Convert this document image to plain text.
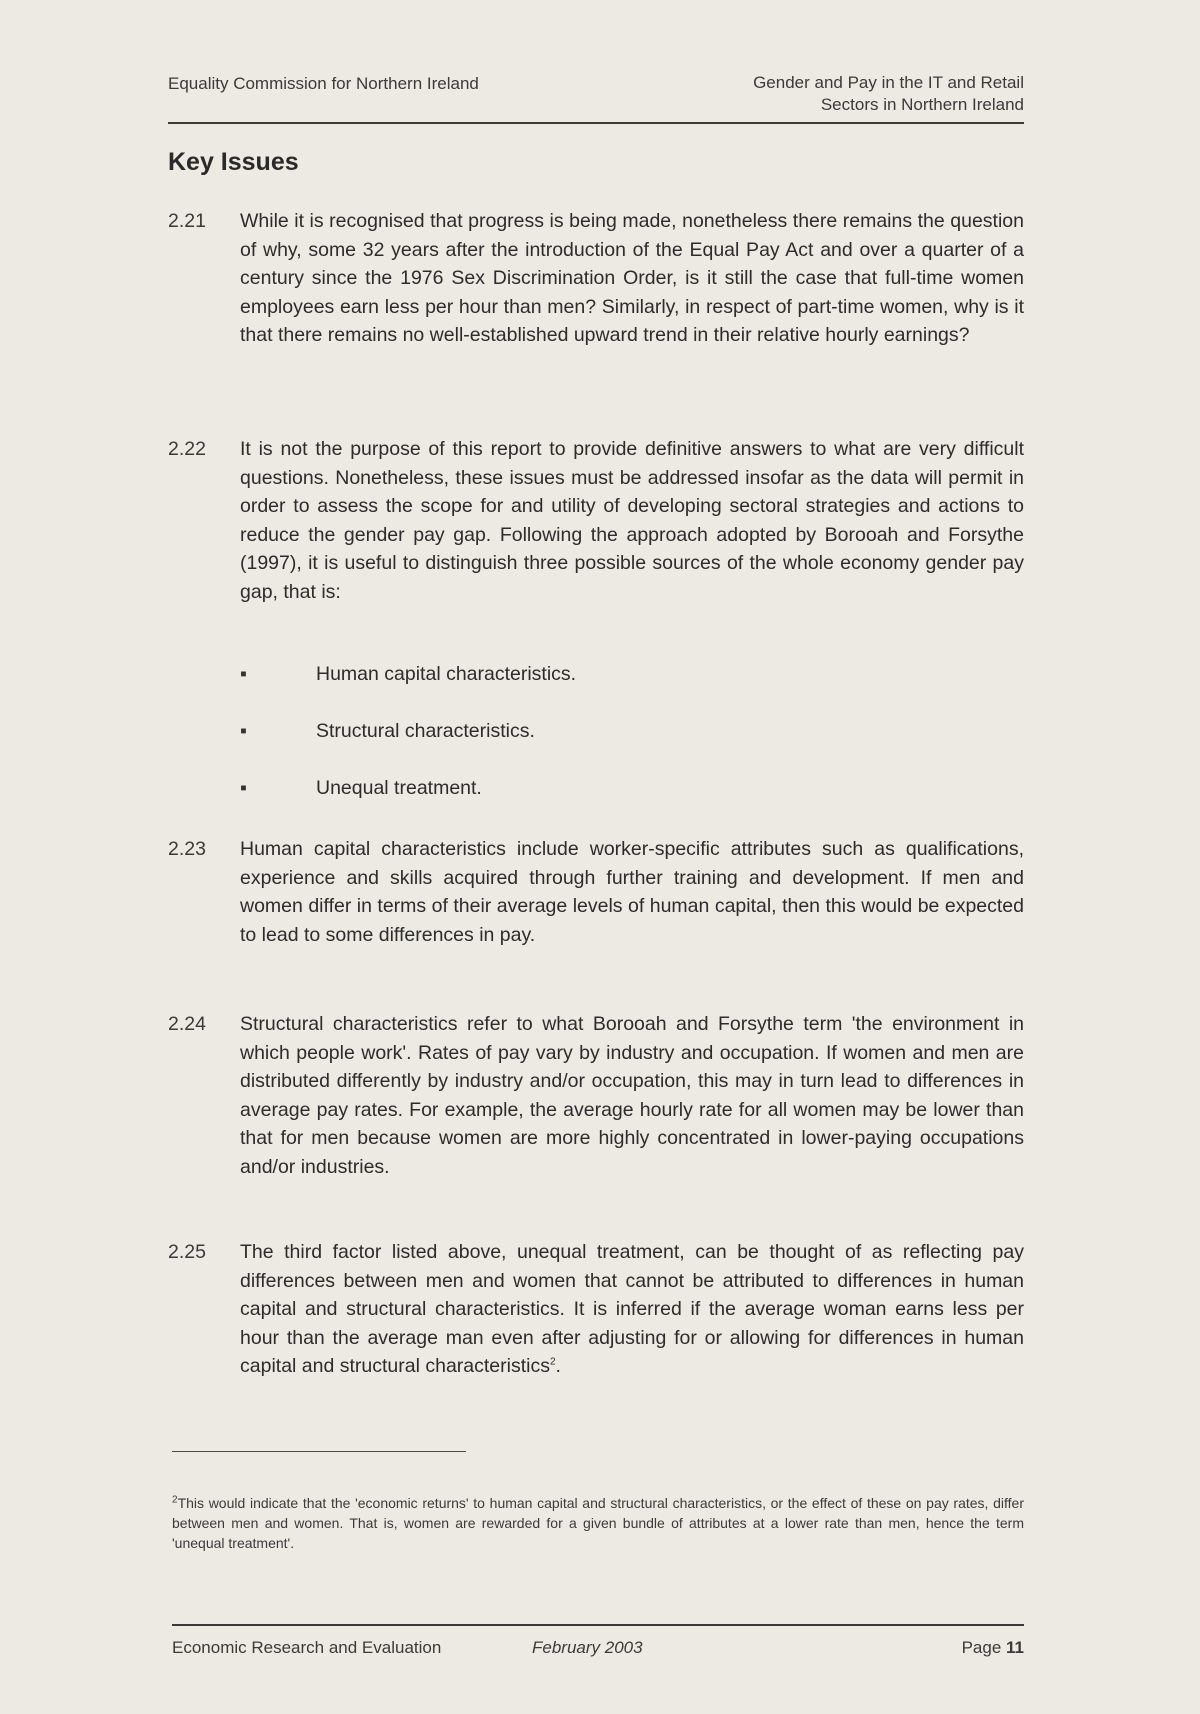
Equality Commission for Northern Ireland	Gender and Pay in the IT and Retail
Sectors in Northern Ireland
Key Issues
2.21 While it is recognised that progress is being made, nonetheless there remains the question of why, some 32 years after the introduction of the Equal Pay Act and over a quarter of a century since the 1976 Sex Discrimination Order, is it still the case that full-time women employees earn less per hour than men? Similarly, in respect of part-time women, why is it that there remains no well-established upward trend in their relative hourly earnings?
2.22 It is not the purpose of this report to provide definitive answers to what are very difficult questions. Nonetheless, these issues must be addressed insofar as the data will permit in order to assess the scope for and utility of developing sectoral strategies and actions to reduce the gender pay gap. Following the approach adopted by Borooah and Forsythe (1997), it is useful to distinguish three possible sources of the whole economy gender pay gap, that is:
▪	Human capital characteristics.
▪	Structural characteristics.
▪	Unequal treatment.
2.23 Human capital characteristics include worker-specific attributes such as qualifications, experience and skills acquired through further training and development. If men and women differ in terms of their average levels of human capital, then this would be expected to lead to some differences in pay.
2.24 Structural characteristics refer to what Borooah and Forsythe term 'the environment in which people work'. Rates of pay vary by industry and occupation. If women and men are distributed differently by industry and/or occupation, this may in turn lead to differences in average pay rates. For example, the average hourly rate for all women may be lower than that for men because women are more highly concentrated in lower-paying occupations and/or industries.
2.25 The third factor listed above, unequal treatment, can be thought of as reflecting pay differences between men and women that cannot be attributed to differences in human capital and structural characteristics. It is inferred if the average woman earns less per hour than the average man even after adjusting for or allowing for differences in human capital and structural characteristics$^2$.
$^2$This would indicate that the 'economic returns' to human capital and structural characteristics, or the effect of these on pay rates, differ between men and women. That is, women are rewarded for a given bundle of attributes at a lower rate than men, hence the term 'unequal treatment'.
Economic Research and Evaluation	February 2003	Page 11
